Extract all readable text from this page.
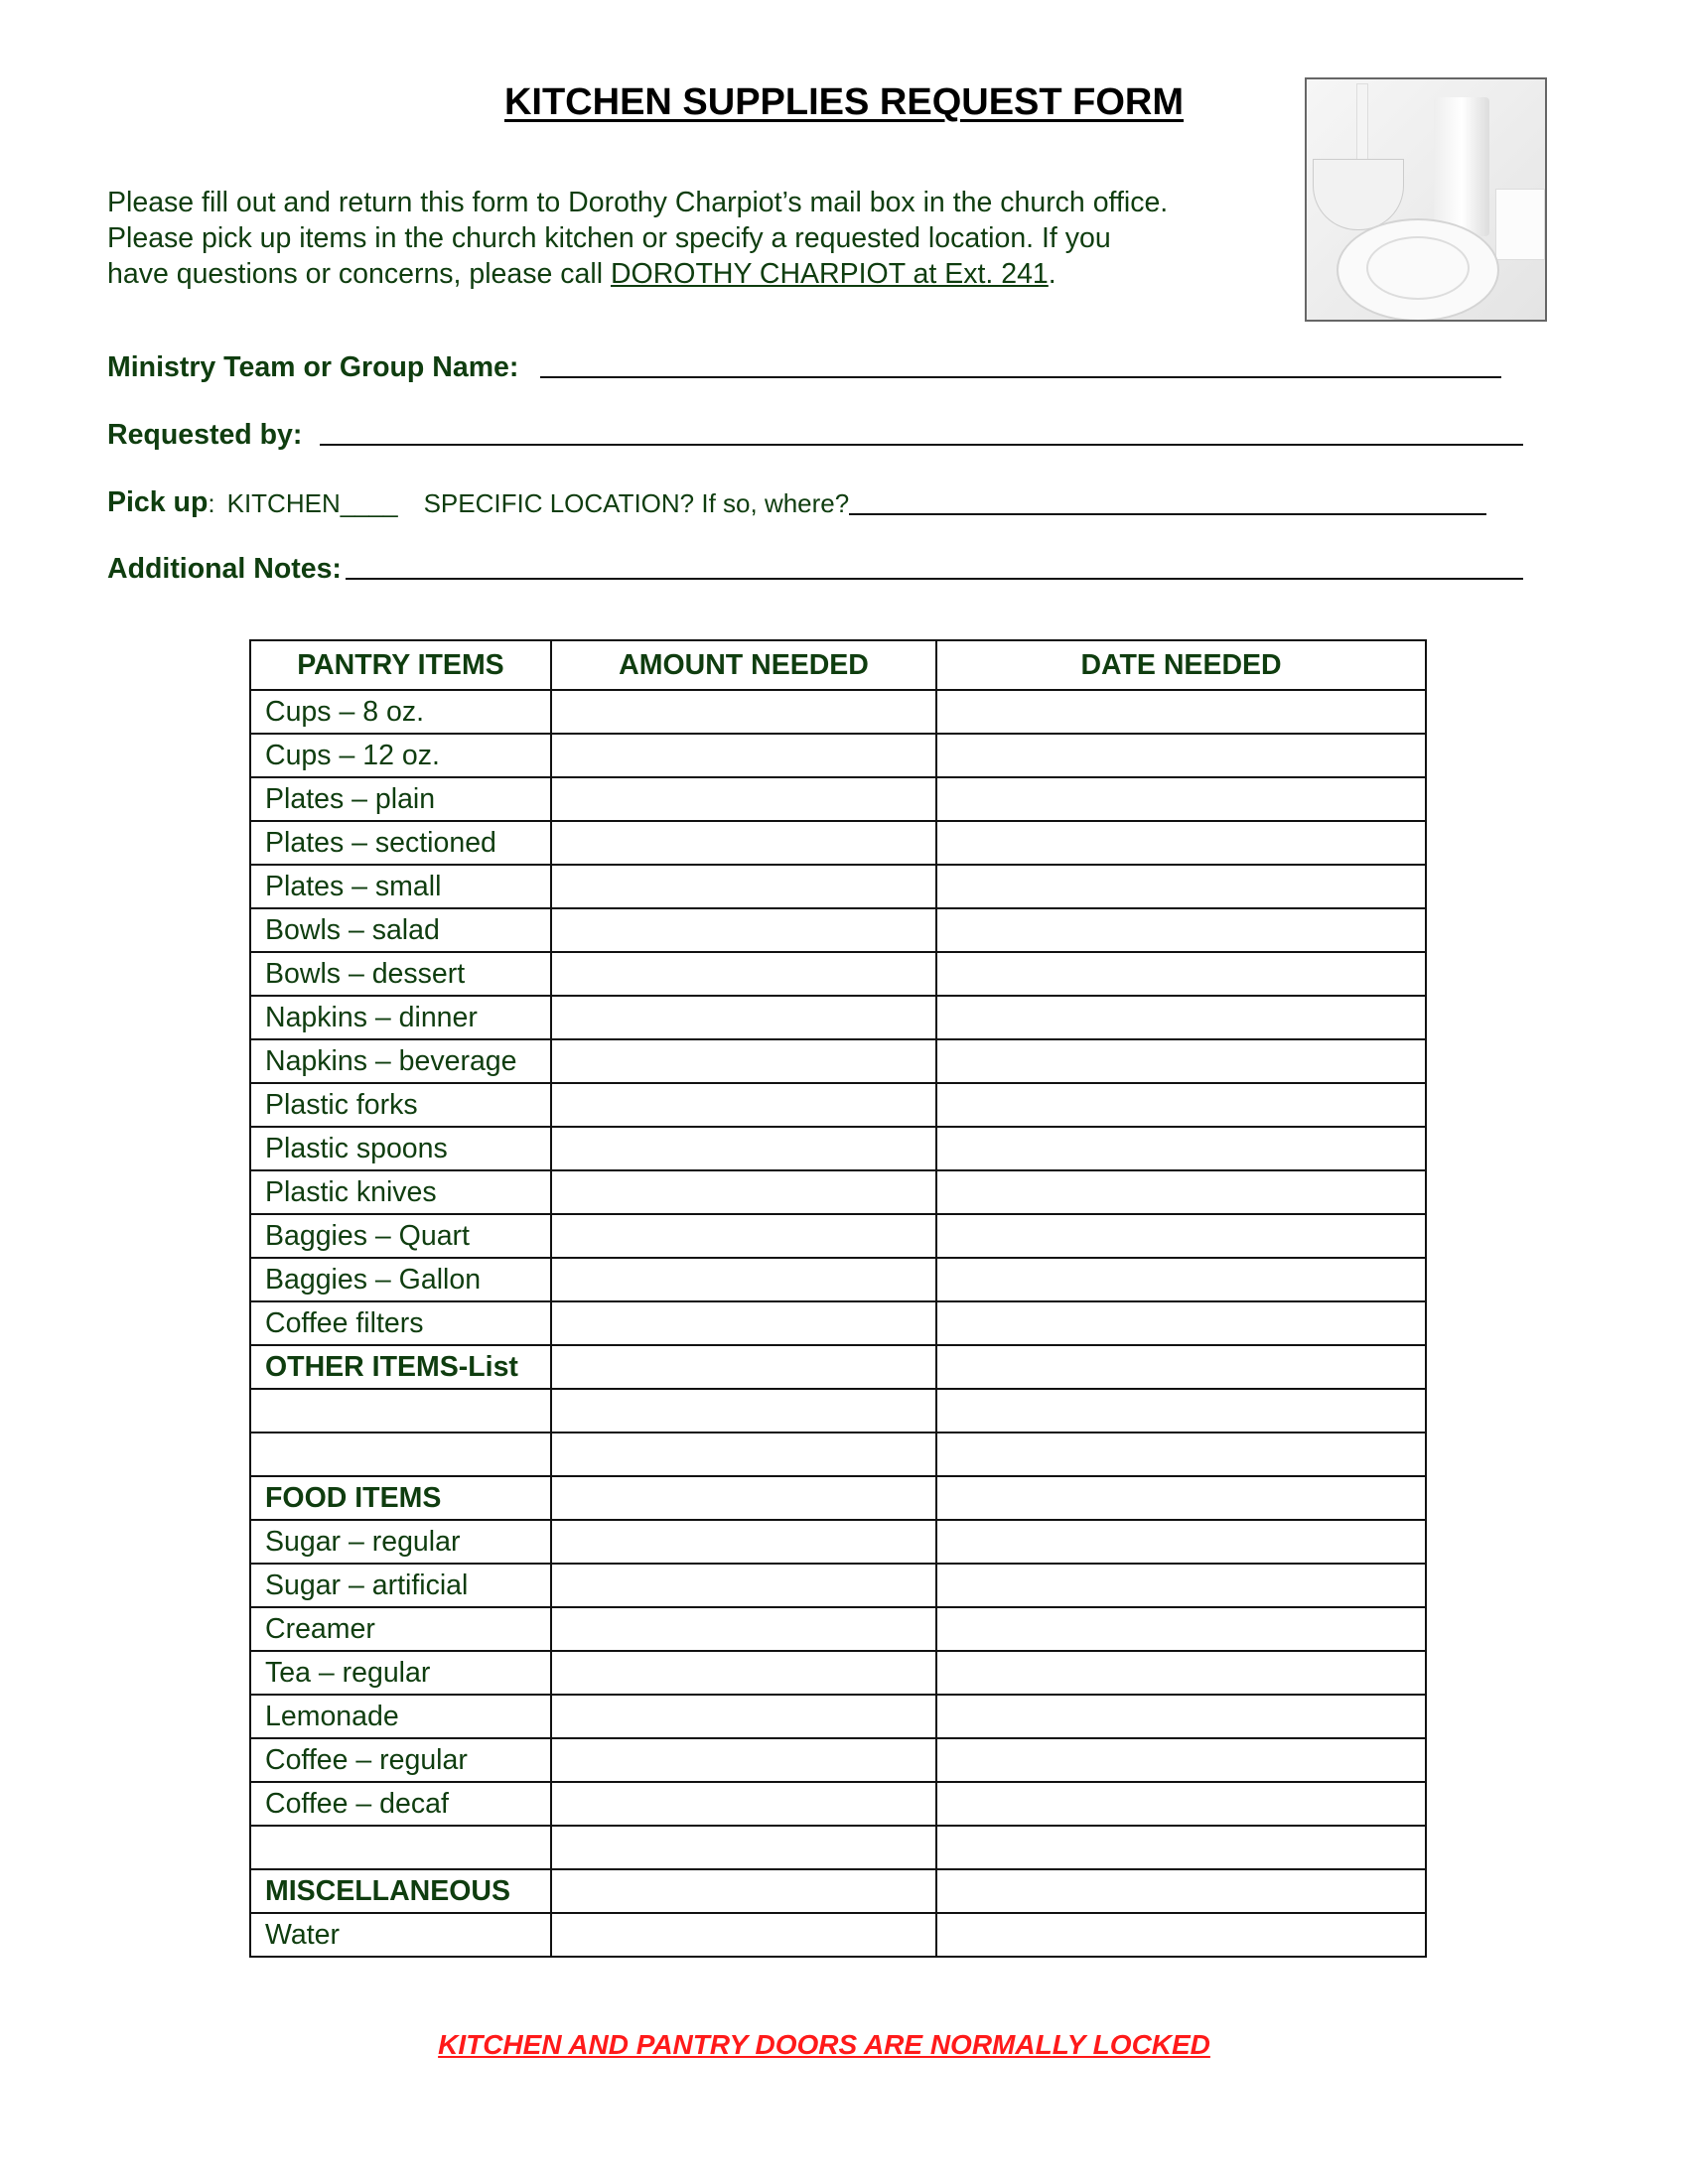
KITCHEN SUPPLIES REQUEST FORM
Please fill out and return this form to Dorothy Charpiot’s mail box in the church office.
Please pick up items in the church kitchen or specify a requested location. If you
have questions or concerns, please call DOROTHY CHARPIOT at Ext. 241.
Ministry Team or Group Name:
Requested by:
Pick up : KITCHEN____ SPECIFIC LOCATION? If so, where?
Additional Notes:
PANTRY ITEMS	AMOUNT NEEDED	DATE NEEDED
Cups – 8 oz.		
Cups – 12 oz.		
Plates – plain		
Plates – sectioned		
Plates – small		
Bowls – salad		
Bowls – dessert		
Napkins – dinner		
Napkins – beverage		
Plastic forks		
Plastic spoons		
Plastic knives		
Baggies – Quart		
Baggies – Gallon		
Coffee filters		
OTHER ITEMS-List		

FOOD ITEMS		
Sugar – regular		
Sugar – artificial		
Creamer		
Tea – regular		
Lemonade		
Coffee – regular		
Coffee – decaf		

MISCELLANEOUS		
Water		
KITCHEN AND PANTRY DOORS ARE NORMALLY LOCKED
